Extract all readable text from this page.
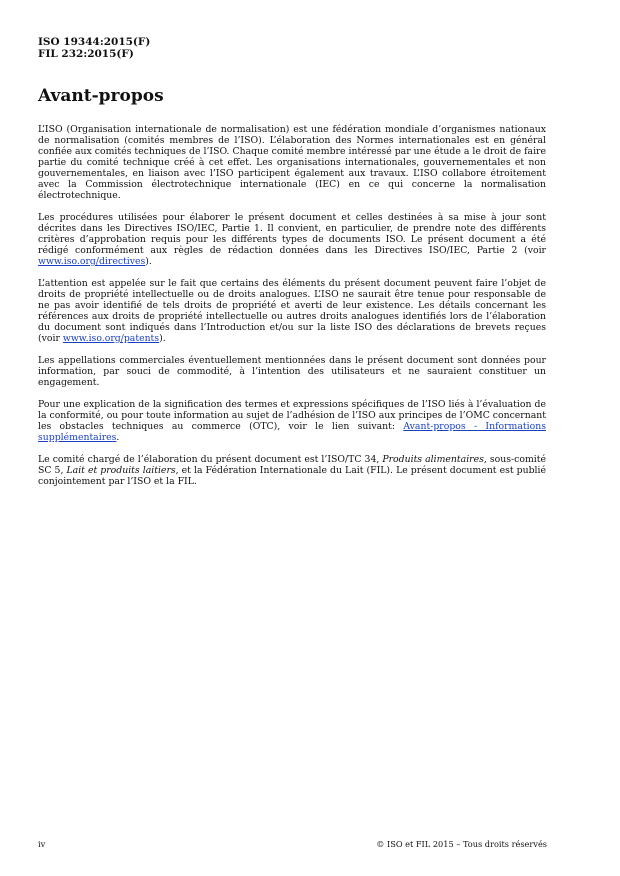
ISO 19344:2015(F)
FIL 232:2015(F)
Avant-propos

L’ISO (Organisation internationale de normalisation) est une fédération mondiale d’organismes nationaux de normalisation (comités membres de l’ISO). L’élaboration des Normes internationales est en général confiée aux comités techniques de l’ISO. Chaque comité membre intéressé par une étude a le droit de faire partie du comité technique créé à cet effet. Les organisations internationales, gouvernementales et non gouvernementales, en liaison avec l’ISO participent également aux travaux. L’ISO collabore étroitement avec la Commission électrotechnique internationale (IEC) en ce qui concerne la normalisation électrotechnique.

Les procédures utilisées pour élaborer le présent document et celles destinées à sa mise à jour sont décrites dans les Directives ISO/IEC, Partie 1. Il convient, en particulier, de prendre note des différents critères d’approbation requis pour les différents types de documents ISO. Le présent document a été rédigé conformément aux règles de rédaction données dans les Directives ISO/IEC, Partie 2 (voir www.iso.org/directives).

L’attention est appelée sur le fait que certains des éléments du présent document peuvent faire l’objet de droits de propriété intellectuelle ou de droits analogues. L’ISO ne saurait être tenue pour responsable de ne pas avoir identifié de tels droits de propriété et averti de leur existence. Les détails concernant les références aux droits de propriété intellectuelle ou autres droits analogues identifiés lors de l’élaboration du document sont indiqués dans l’Introduction et/ou sur la liste ISO des déclarations de brevets reçues (voir www.iso.org/patents).

Les appellations commerciales éventuellement mentionnées dans le présent document sont données pour information, par souci de commodité, à l’intention des utilisateurs et ne sauraient constituer un engagement.

Pour une explication de la signification des termes et expressions spécifiques de l’ISO liés à l’évaluation de la conformité, ou pour toute information au sujet de l’adhésion de l’ISO aux principes de l’OMC concernant les obstacles techniques au commerce (OTC), voir le lien suivant: Avant-propos - Informations supplémentaires.

Le comité chargé de l’élaboration du présent document est l’ISO/TC 34, Produits alimentaires, sous-comité SC 5, Lait et produits laitiers, et la Fédération Internationale du Lait (FIL). Le présent document est publié conjointement par l’ISO et la FIL.

iv	© ISO et FIL 2015 – Tous droits réservés
